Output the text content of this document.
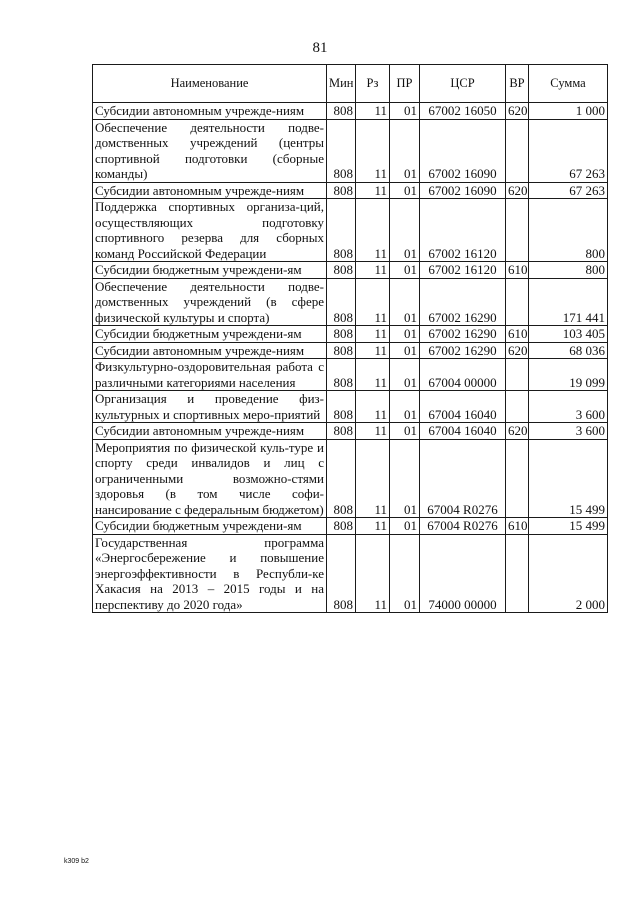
81
Наименование	Мин	Рз	ПР	ЦСР	ВР	Сумма
Субсидии автономным учрежде-ниям	808	11	01	67002 16050	620	1 000
Обеспечение деятельности подве-домственных учреждений (центры спортивной подготовки (сборные команды)	808	11	01	67002 16090		67 263
Субсидии автономным учрежде-ниям	808	11	01	67002 16090	620	67 263
Поддержка спортивных организа-ций, осуществляющих подготовку спортивного резерва для сборных команд Российской Федерации	808	11	01	67002 16120		800
Субсидии бюджетным учреждени-ям	808	11	01	67002 16120	610	800
Обеспечение деятельности подве-домственных учреждений (в сфере физической культуры и спорта)	808	11	01	67002 16290		171 441
Субсидии бюджетным учреждени-ям	808	11	01	67002 16290	610	103 405
Субсидии автономным учрежде-ниям	808	11	01	67002 16290	620	68 036
Физкультурно-оздоровительная работа с различными категориями населения	808	11	01	67004 00000		19 099
Организация и проведение физ-культурных и спортивных меро-приятий	808	11	01	67004 16040		3 600
Субсидии автономным учрежде-ниям	808	11	01	67004 16040	620	3 600
Мероприятия по физической куль-туре и спорту среди инвалидов и лиц с ограниченными возможно-стями здоровья (в том числе софи-нансирование с федеральным бюджетом)	808	11	01	67004 R0276		15 499
Субсидии бюджетным учреждени-ям	808	11	01	67004 R0276	610	15 499
Государственная программа «Энергосбережение и повышение энергоэффективности в Республи-ке Хакасия на 2013 – 2015 годы и на перспективу до 2020 года»	808	11	01	74000 00000		2 000
k309 b2
